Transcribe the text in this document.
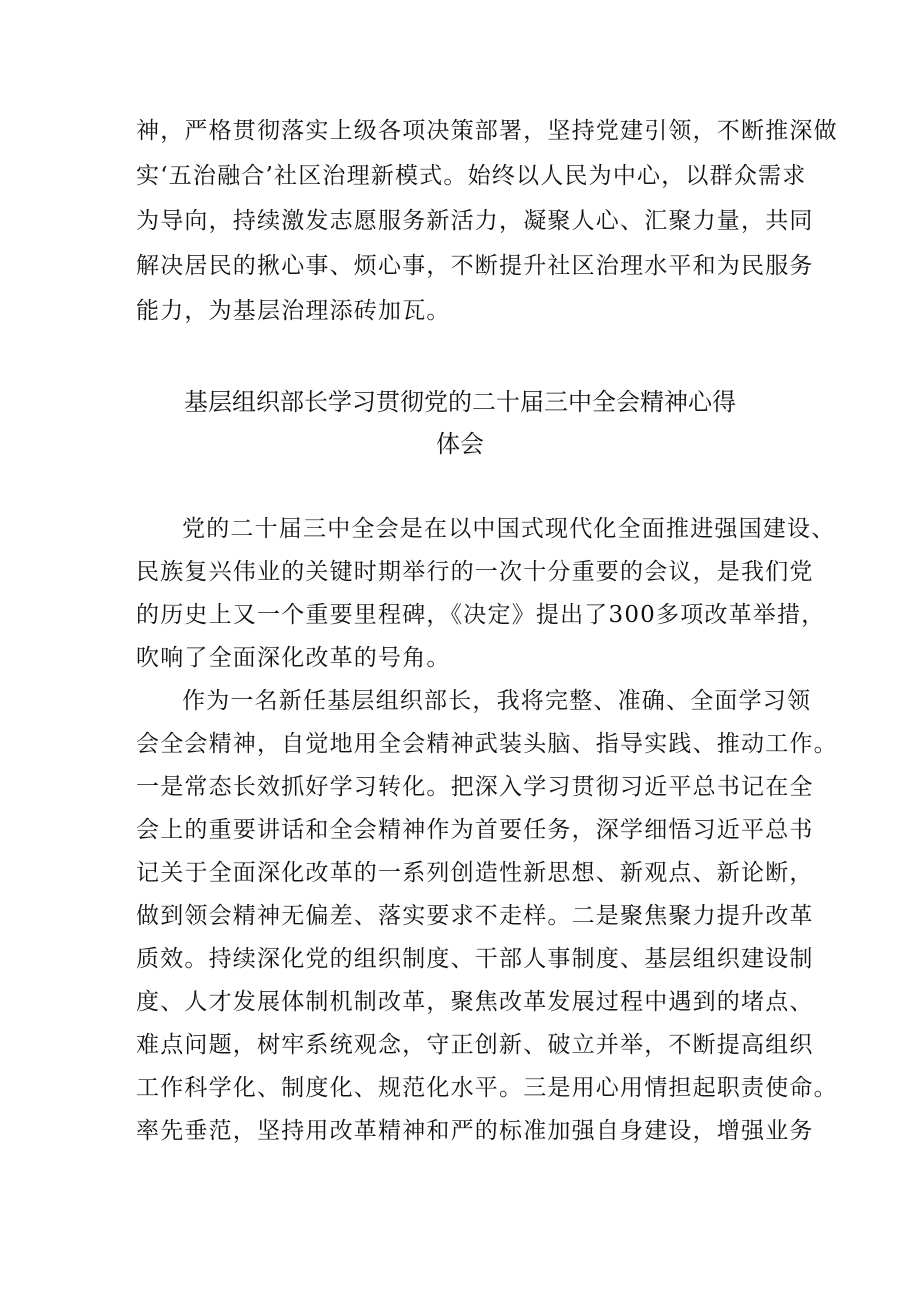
神，严格贯彻落实上级各项决策部署，坚持党建引领，不断推深做
实‘五治融合’社区治理新模式。始终以人民为中心，以群众需求
为导向，持续激发志愿服务新活力，凝聚人心、汇聚力量，共同
解决居民的揪心事、烦心事，不断提升社区治理水平和为民服务
能力，为基层治理添砖加瓦。
基层组织部长学习贯彻党的二十届三中全会精神心得
体会
党的二十届三中全会是在以中国式现代化全面推进强国建设、
民族复兴伟业的关键时期举行的一次十分重要的会议，是我们党
的历史上又一个重要里程碑，《决定》提出了300多项改革举措，
吹响了全面深化改革的号角。
作为一名新任基层组织部长，我将完整、准确、全面学习领
会全会精神，自觉地用全会精神武装头脑、指导实践、推动工作。
一是常态长效抓好学习转化。把深入学习贯彻习近平总书记在全
会上的重要讲话和全会精神作为首要任务，深学细悟习近平总书
记关于全面深化改革的一系列创造性新思想、新观点、新论断，
做到领会精神无偏差、落实要求不走样。二是聚焦聚力提升改革
质效。持续深化党的组织制度、干部人事制度、基层组织建设制
度、人才发展体制机制改革，聚焦改革发展过程中遇到的堵点、
难点问题，树牢系统观念，守正创新、破立并举，不断提高组织
工作科学化、制度化、规范化水平。三是用心用情担起职责使命。
率先垂范，坚持用改革精神和严的标准加强自身建设，增强业务
